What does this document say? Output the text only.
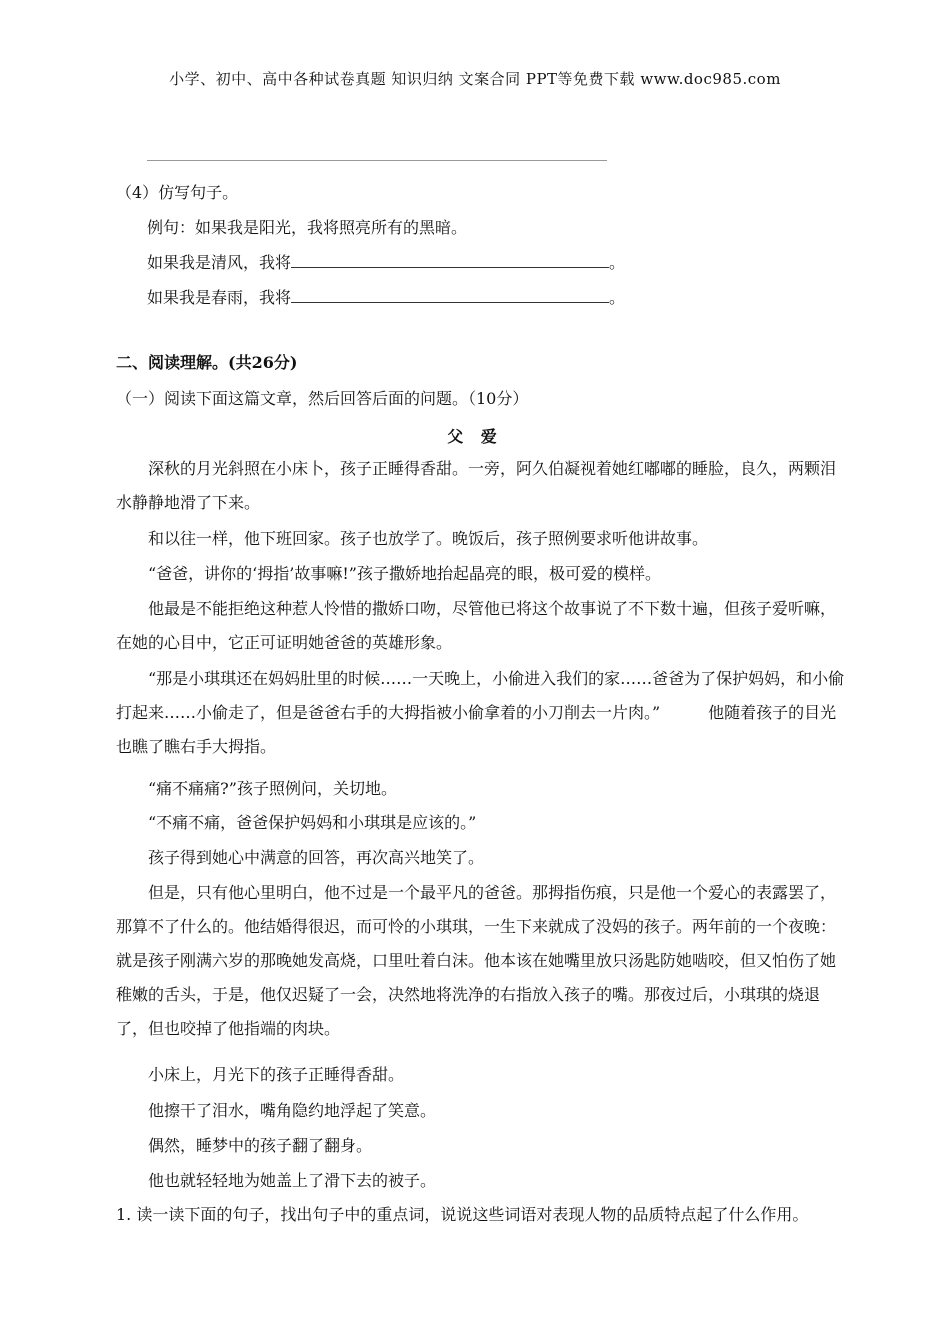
小学、初中、高中各种试卷真题 知识归纳 文案合同 PPT等免费下载 www.doc985.com
（4）仿写句子。
例句：如果我是阳光，我将照亮所有的黑暗。
如果我是清风，我将	。
如果我是春雨，我将	。
二、阅读理解。(共26分)
（一）阅读下面这篇文章，然后回答后面的问题。（10分）
父 爱
深秋的月光斜照在小床卜，孩子正睡得香甜。一旁，阿久伯凝视着她红嘟嘟的睡脸，良久，两颗泪水静静地滑了下来。
和以往一样，他下班回家。孩子也放学了。晚饭后，孩子照例要求听他讲故事。
“爸爸，讲你的‘拇指’故事嘛!”孩子撒娇地抬起晶亮的眼，极可爱的模样。
他最是不能拒绝这种惹人怜惜的撒娇口吻，尽管他已将这个故事说了不下数十遍，但孩子爱听嘛，在她的心目中，它正可证明她爸爸的英雄形象。
“那是小琪琪还在妈妈肚里的时候……一天晚上，小偷进入我们的家……爸爸为了保护妈妈，和小偷打起来……小偷走了，但是爸爸右手的大拇指被小偷拿着的小刀削去一片肉。”　　　他随着孩子的目光也瞧了瞧右手大拇指。
“痛不痛痛?”孩子照例问，关切地。
“不痛不痛，爸爸保护妈妈和小琪琪是应该的。”
孩子得到她心中满意的回答，再次高兴地笑了。
但是，只有他心里明白，他不过是一个最平凡的爸爸。那拇指伤痕，只是他一个爱心的表露罢了，那算不了什么的。他结婚得很迟，而可怜的小琪琪，一生下来就成了没妈的孩子。两年前的一个夜晚：就是孩子刚满六岁的那晚她发高烧，口里吐着白沫。他本该在她嘴里放只汤匙防她啮咬，但又怕伤了她稚嫩的舌头，于是，他仅迟疑了一会，决然地将洗净的右指放入孩子的嘴。那夜过后，小琪琪的烧退了，但也咬掉了他指端的肉块。
小床上，月光下的孩子正睡得香甜。
他擦干了泪水，嘴角隐约地浮起了笑意。
偶然，睡梦中的孩子翻了翻身。
他也就轻轻地为她盖上了滑下去的被子。
1. 读一读下面的句子，找出句子中的重点词，说说这些词语对表现人物的品质特点起了什么作用。
